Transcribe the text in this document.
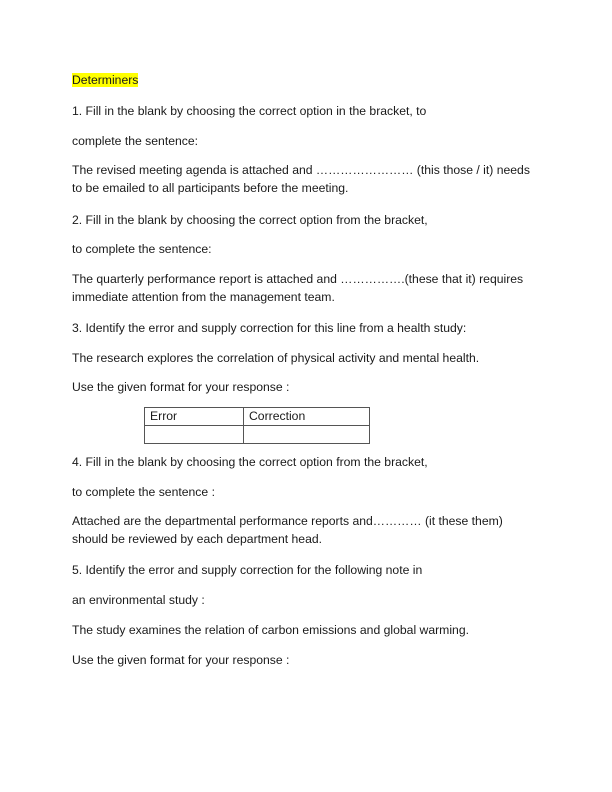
Determiners
1. Fill in the blank by choosing the correct option in the bracket, to
complete the sentence:
The revised meeting agenda is attached and …………………… (this those / it) needs to be emailed to all participants before the meeting.
2. Fill in the blank by choosing the correct option from the bracket,
to complete the sentence:
The quarterly performance report is attached and …………….(these that it) requires immediate attention from the management team.
3. Identify the error and supply correction for this line from a health study:
The research explores the correlation of physical activity and mental health.
Use the given format for your response :
Error	Correction

4. Fill in the blank by choosing the correct option from the bracket,
to complete the sentence :
Attached are the departmental performance reports and………… (it these them) should be reviewed by each department head.
5. Identify the error and supply correction for the following note in
an environmental study :
The study examines the relation of carbon emissions and global warming.
Use the given format for your response :
